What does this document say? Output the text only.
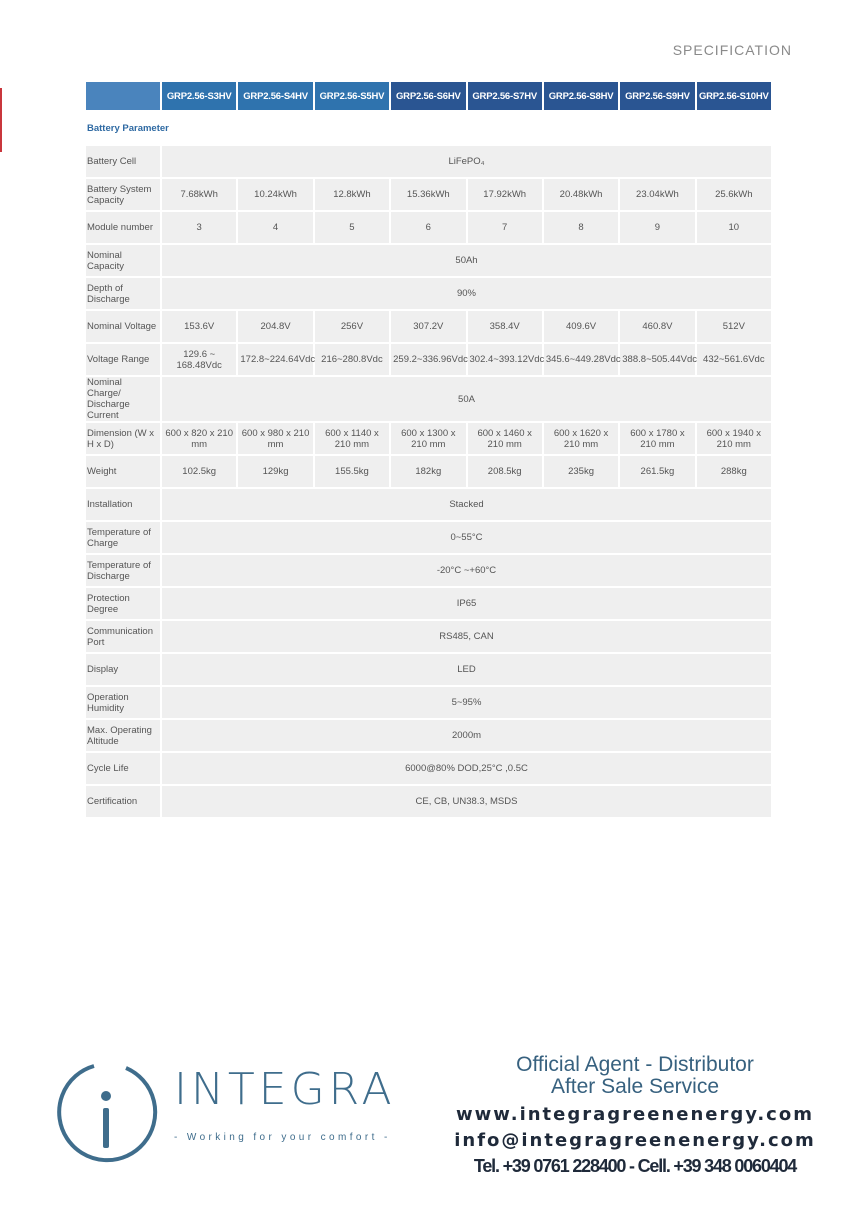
SPECIFICATION
	GRP2.56-S3HV	GRP2.56-S4HV	GRP2.56-S5HV	GRP2.56-S6HV	GRP2.56-S7HV	GRP2.56-S8HV	GRP2.56-S9HV	GRP2.56-S10HV
Battery Parameter								
Battery Cell	LiFePO₄							
Battery System Capacity	7.68kWh	10.24kWh	12.8kWh	15.36kWh	17.92kWh	20.48kWh	23.04kWh	25.6kWh
Module number	3	4	5	6	7	8	9	10
Nominal Capacity	50Ah							
Depth of Discharge	90%							
Nominal Voltage	153.6V	204.8V	256V	307.2V	358.4V	409.6V	460.8V	512V
Voltage Range	129.6 ~ 168.48Vdc	172.8~224.64Vdc	216~280.8Vdc	259.2~336.96Vdc	302.4~393.12Vdc	345.6~449.28Vdc	388.8~505.44Vdc	432~561.6Vdc
Nominal Charge/ Discharge Current	50A							
Dimension (W x H x D)	600 x 820 x 210 mm	600 x 980 x 210 mm	600 x 1140 x 210 mm	600 x 1300 x 210 mm	600 x 1460 x 210 mm	600 x 1620 x 210 mm	600 x 1780 x 210 mm	600 x 1940 x 210 mm
Weight	102.5kg	129kg	155.5kg	182kg	208.5kg	235kg	261.5kg	288kg
Installation	Stacked							
Temperature of Charge	0~55°C							
Temperature of Discharge	-20°C ~+60°C							
Protection Degree	IP65							
Communication Port	RS485, CAN							
Display	LED							
Operation Humidity	5~95%							
Max. Operating Altitude	2000m							
Cycle Life	6000@80% DOD,25°C ,0.5C							
Certification	CE, CB, UN38.3, MSDS							
INTEGRA
- Working for your comfort -
Official Agent - Distributor
After Sale Service
www.integragreenenergy.com
info@integragreenenergy.com
Tel. +39 0761 228400 - Cell. +39 348 0060404
